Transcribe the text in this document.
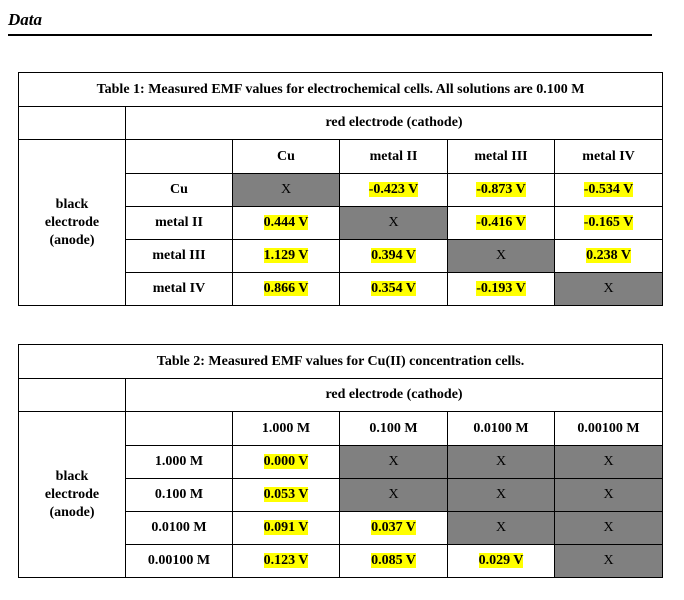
Data
Table 1: Measured EMF values for electrochemical cells. All solutions are 0.100 M					
	red electrode (cathode)				
black
electrode
(anode)		Cu	metal II	metal III	metal IV
	Cu	X	-0.423 V	-0.873 V	-0.534 V
	metal II	0.444 V	X	-0.416 V	-0.165 V
	metal III	1.129 V	0.394 V	X	0.238 V
	metal IV	0.866 V	0.354 V	-0.193 V	X
Table 2: Measured EMF values for Cu(II) concentration cells.					
	red electrode (cathode)				
black
electrode
(anode)		1.000 M	0.100 M	0.0100 M	0.00100 M
	1.000 M	0.000 V	X	X	X
	0.100 M	0.053 V	X	X	X
	0.0100 M	0.091 V	0.037 V	X	X
	0.00100 M	0.123 V	0.085 V	0.029 V	X
